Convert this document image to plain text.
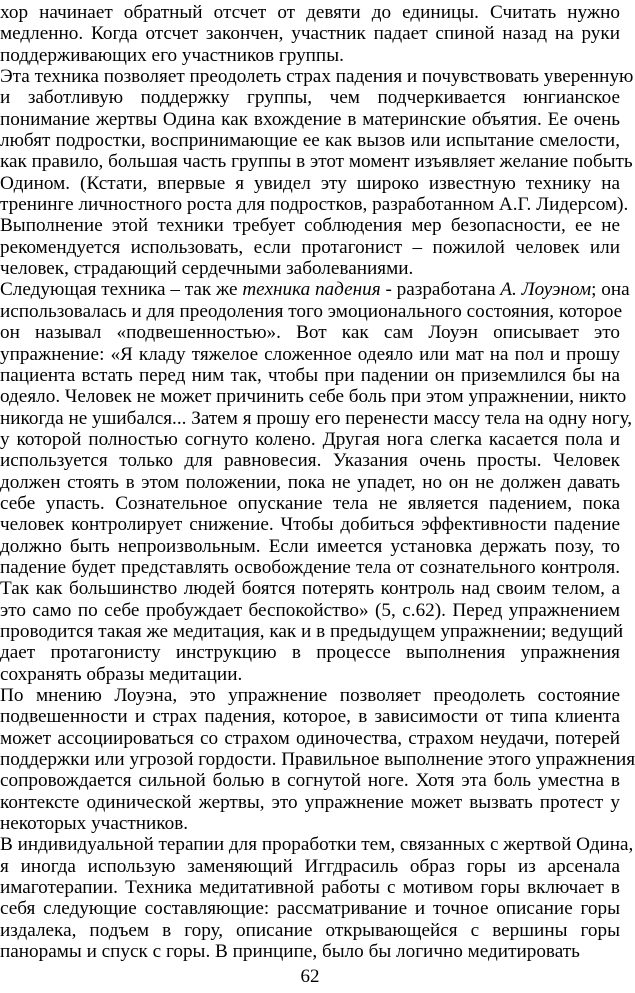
хор начинает обратный отсчет от девяти до единицы. Считать нужно
медленно. Когда отсчет закончен, участник падает спиной назад на руки
поддерживающих его участников группы.
Эта техника позволяет преодолеть страх падения и почувствовать уверенную
и заботливую поддержку группы, чем подчеркивается юнгианское
понимание жертвы Одина как вхождение в материнские объятия. Ее очень
любят подростки, воспринимающие ее как вызов или испытание смелости,
как правило, большая часть группы в этот момент изъявляет желание побыть
Одином. (Кстати, впервые я увидел эту широко известную технику на
тренинге личностного роста для подростков, разработанном А.Г. Лидерсом).
Выполнение этой техники требует соблюдения мер безопасности, ее не
рекомендуется использовать, если протагонист – пожилой человек или
человек, страдающий сердечными заболеваниями.
Следующая техника – так же техника падения - разработана А. Лоуэном; она
использовалась и для преодоления того эмоционального состояния, которое
он называл «подвешенностью». Вот как сам Лоуэн описывает это
упражнение: «Я кладу тяжелое сложенное одеяло или мат на пол и прошу
пациента встать перед ним так, чтобы при падении он приземлился бы на
одеяло. Человек не может причинить себе боль при этом упражнении, никто
никогда не ушибался... Затем я прошу его перенести массу тела на одну ногу,
у которой полностью согнуто колено. Другая нога слегка касается пола и
используется только для равновесия. Указания очень просты. Человек
должен стоять в этом положении, пока не упадет, но он не должен давать
себе упасть. Сознательное опускание тела не является падением, пока
человек контролирует снижение. Чтобы добиться эффективности падение
должно быть непроизвольным. Если имеется установка держать позу, то
падение будет представлять освобождение тела от сознательного контроля.
Так как большинство людей боятся потерять контроль над своим телом, а
это само по себе пробуждает беспокойство» (5, с.62). Перед упражнением
проводится такая же медитация, как и в предыдущем упражнении; ведущий
дает протагонисту инструкцию в процессе выполнения упражнения
сохранять образы медитации.
По мнению Лоуэна, это упражнение позволяет преодолеть состояние
подвешенности и страх падения, которое, в зависимости от типа клиента
может ассоциироваться со страхом одиночества, страхом неудачи, потерей
поддержки или угрозой гордости. Правильное выполнение этого упражнения
сопровождается сильной болью в согнутой ноге. Хотя эта боль уместна в
контексте одинической жертвы, это упражнение может вызвать протест у
некоторых участников.
В индивидуальной терапии для проработки тем, связанных с жертвой Одина,
я иногда использую заменяющий Иггдрасиль образ горы из арсенала
имаготерапии. Техника медитативной работы с мотивом горы включает в
себя следующие составляющие: рассматривание и точное описание горы
издалека, подъем в гору, описание открывающейся с вершины горы
панорамы и спуск с горы. В принципе, было бы логично медитировать
62
